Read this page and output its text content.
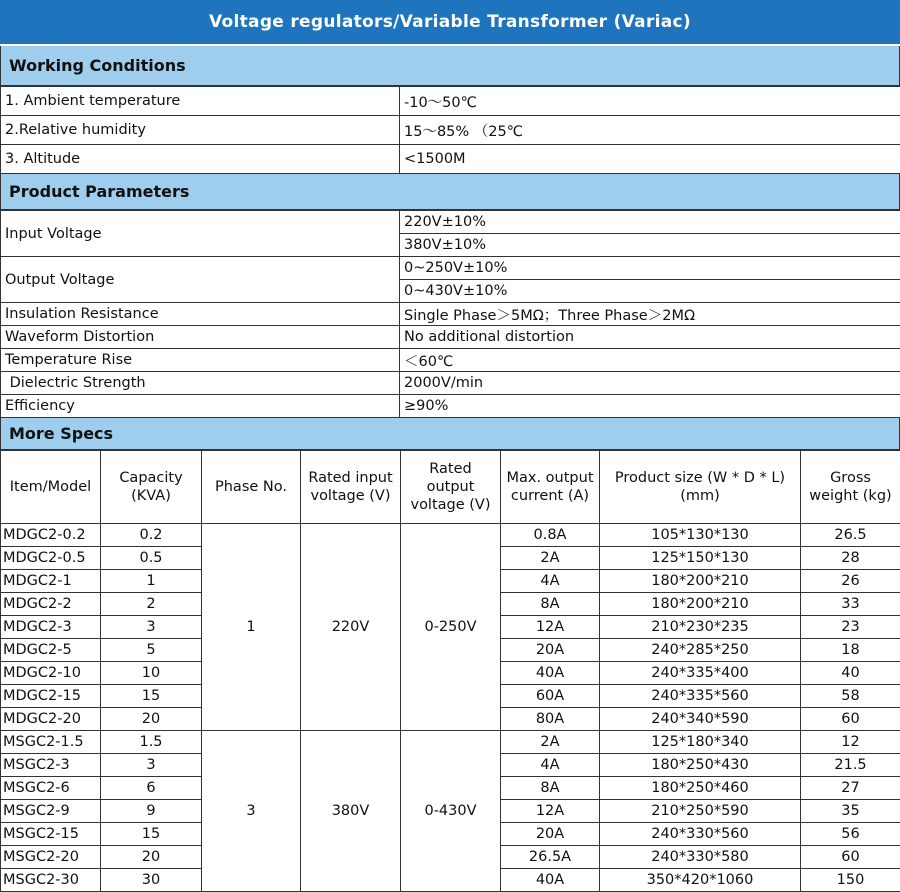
Voltage regulators/Variable Transformer (Variac)
Working Conditions
1. Ambient temperature	-10～50℃
2.Relative humidity	15～85% （25℃
3. Altitude	<1500M
Product Parameters
Input Voltage	220V±10%
	380V±10%
Output Voltage	0~250V±10%
	0~430V±10%
Insulation Resistance	Single Phase＞5MΩ；Three Phase＞2MΩ
Waveform Distortion	No additional distortion
Temperature Rise	＜60℃
Dielectric Strength	2000V/min
Efficiency	≥90%
More Specs
Item/Model	Capacity (KVA)	Phase No.	Rated input voltage (V)	Rated output voltage (V)	Max. output current (A)	Product size (W * D * L) (mm)	Gross weight (kg)
MDGC2-0.2	0.2	1	220V	0-250V	0.8A	105*130*130	26.5
MDGC2-0.5	0.5				2A	125*150*130	28
MDGC2-1	1				4A	180*200*210	26
MDGC2-2	2				8A	180*200*210	33
MDGC2-3	3				12A	210*230*235	23
MDGC2-5	5				20A	240*285*250	18
MDGC2-10	10				40A	240*335*400	40
MDGC2-15	15				60A	240*335*560	58
MDGC2-20	20				80A	240*340*590	60
MSGC2-1.5	1.5	3	380V	0-430V	2A	125*180*340	12
MSGC2-3	3				4A	180*250*430	21.5
MSGC2-6	6				8A	180*250*460	27
MSGC2-9	9				12A	210*250*590	35
MSGC2-15	15				20A	240*330*560	56
MSGC2-20	20				26.5A	240*330*580	60
MSGC2-30	30				40A	350*420*1060	150
